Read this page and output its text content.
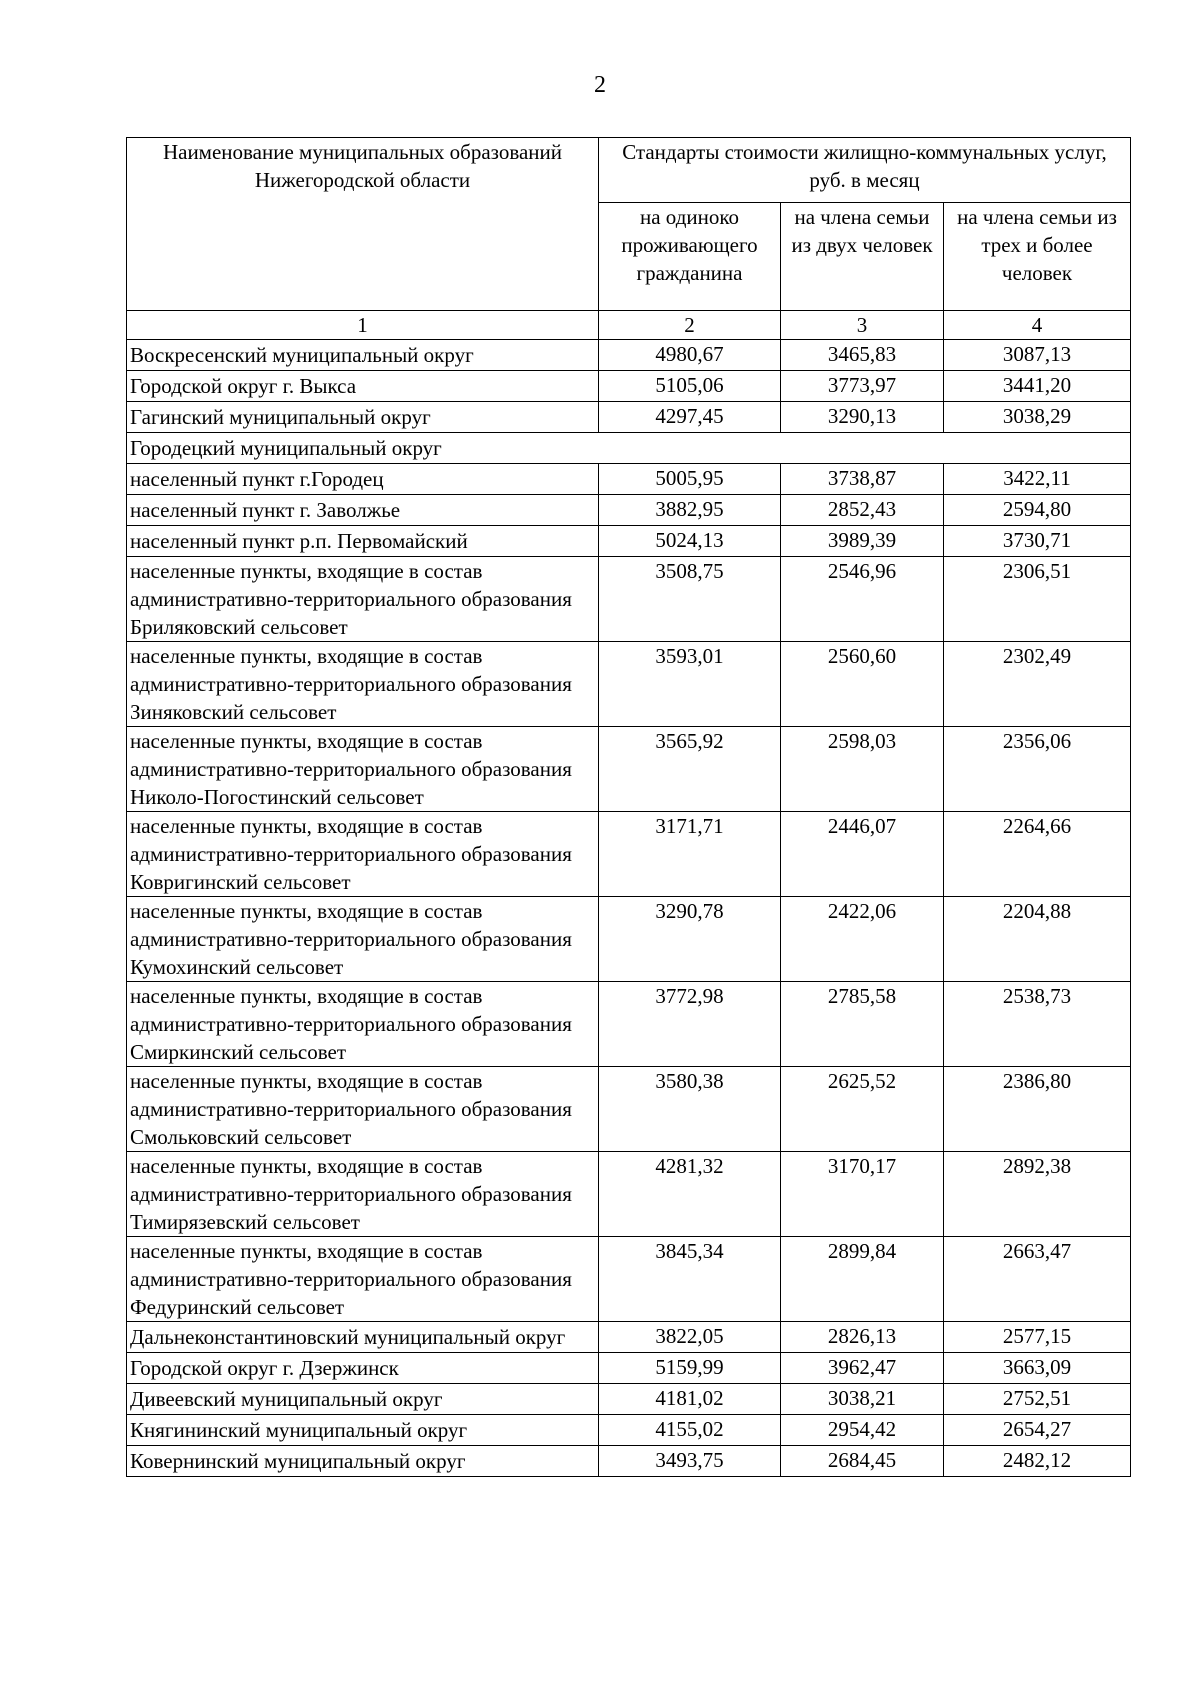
2
Наименование муниципальных образований Нижегородской области	Стандарты стоимости жилищно-коммунальных услуг, руб. в месяц		
	на одиноко проживающего гражданина	на члена семьи из двух человек	на члена семьи из трех и более человек
1	2	3	4
Воскресенский муниципальный округ	4980,67	3465,83	3087,13
Городской округ г. Выкса	5105,06	3773,97	3441,20
Гагинский муниципальный округ	4297,45	3290,13	3038,29
Городецкий муниципальный округ			
населенный пункт г.Городец	5005,95	3738,87	3422,11
населенный пункт г. Заволжье	3882,95	2852,43	2594,80
населенный пункт р.п. Первомайский	5024,13	3989,39	3730,71
населенные пункты, входящие в состав административно-территориального образования Бриляковский сельсовет	3508,75	2546,96	2306,51
населенные пункты, входящие в состав административно-территориального образования Зиняковский сельсовет	3593,01	2560,60	2302,49
населенные пункты, входящие в состав административно-территориального образования Николо-Погостинский сельсовет	3565,92	2598,03	2356,06
населенные пункты, входящие в состав административно-территориального образования Ковригинский сельсовет	3171,71	2446,07	2264,66
населенные пункты, входящие в состав административно-территориального образования Кумохинский сельсовет	3290,78	2422,06	2204,88
населенные пункты, входящие в состав административно-территориального образования Смиркинский сельсовет	3772,98	2785,58	2538,73
населенные пункты, входящие в состав административно-территориального образования Смольковский сельсовет	3580,38	2625,52	2386,80
населенные пункты, входящие в состав административно-территориального образования Тимирязевский сельсовет	4281,32	3170,17	2892,38
населенные пункты, входящие в состав административно-территориального образования Федуринский сельсовет	3845,34	2899,84	2663,47
Дальнеконстантиновский муниципальный округ	3822,05	2826,13	2577,15
Городской округ г. Дзержинск	5159,99	3962,47	3663,09
Дивеевский муниципальный округ	4181,02	3038,21	2752,51
Княгининский муниципальный округ	4155,02	2954,42	2654,27
Ковернинский муниципальный округ	3493,75	2684,45	2482,12
